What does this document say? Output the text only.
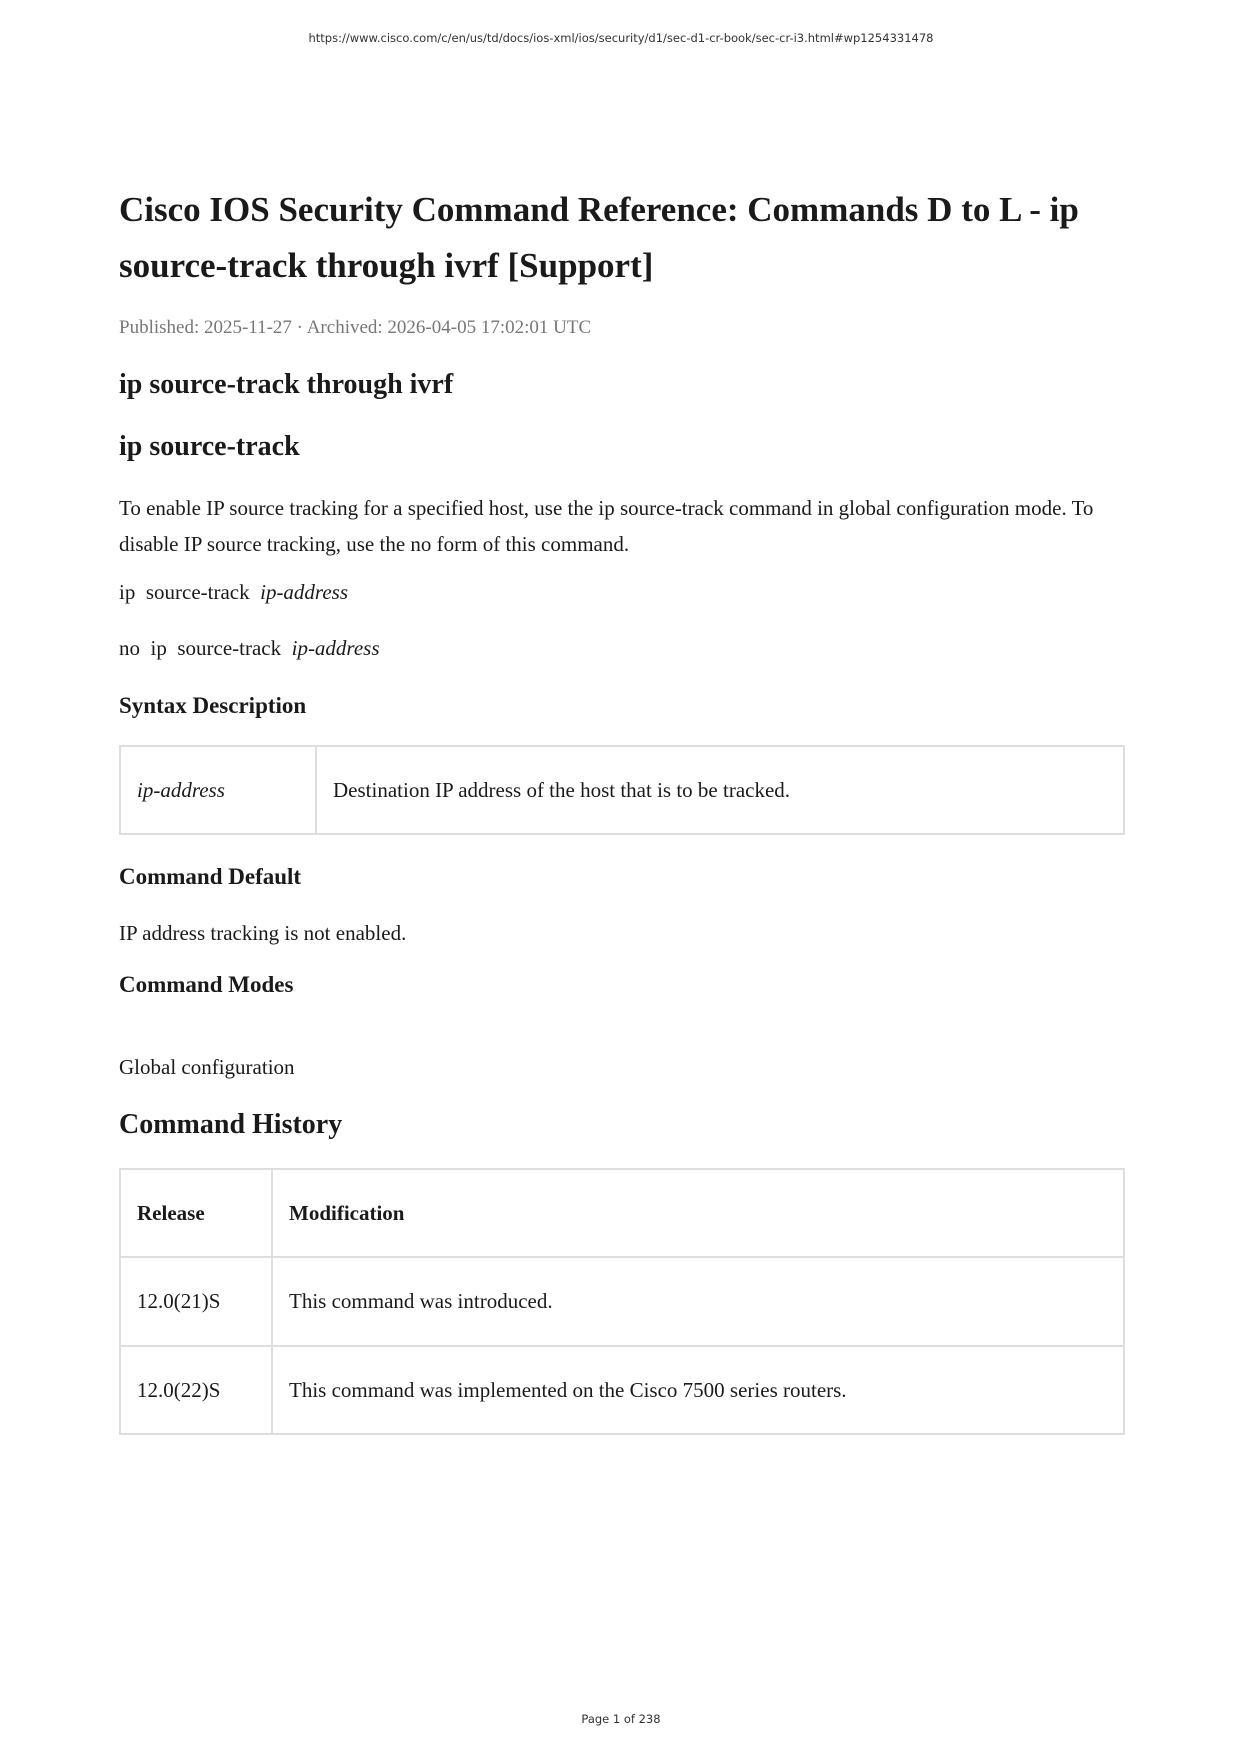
https://www.cisco.com/c/en/us/td/docs/ios-xml/ios/security/d1/sec-d1-cr-book/sec-cr-i3.html#wp1254331478
Cisco IOS Security Command Reference: Commands D to L - ip source-track through ivrf [Support]
Published: 2025-11-27 · Archived: 2026-04-05 17:02:01 UTC
ip source-track through ivrf
ip source-track

To enable IP source tracking for a specified host, use the ip source-track command in global configuration mode. To disable IP source tracking, use the no form of this command.

ip  source-track  ip-address
no  ip  source-track  ip-address
Syntax Description
ip-address	Destination IP address of the host that is to be tracked.
Command Default

IP address tracking is not enabled.

Command Modes

Global configuration

Command History
Release	Modification
12.0(21)S	This command was introduced.
12.0(22)S	This command was implemented on the Cisco 7500 series routers.
Page 1 of 238
